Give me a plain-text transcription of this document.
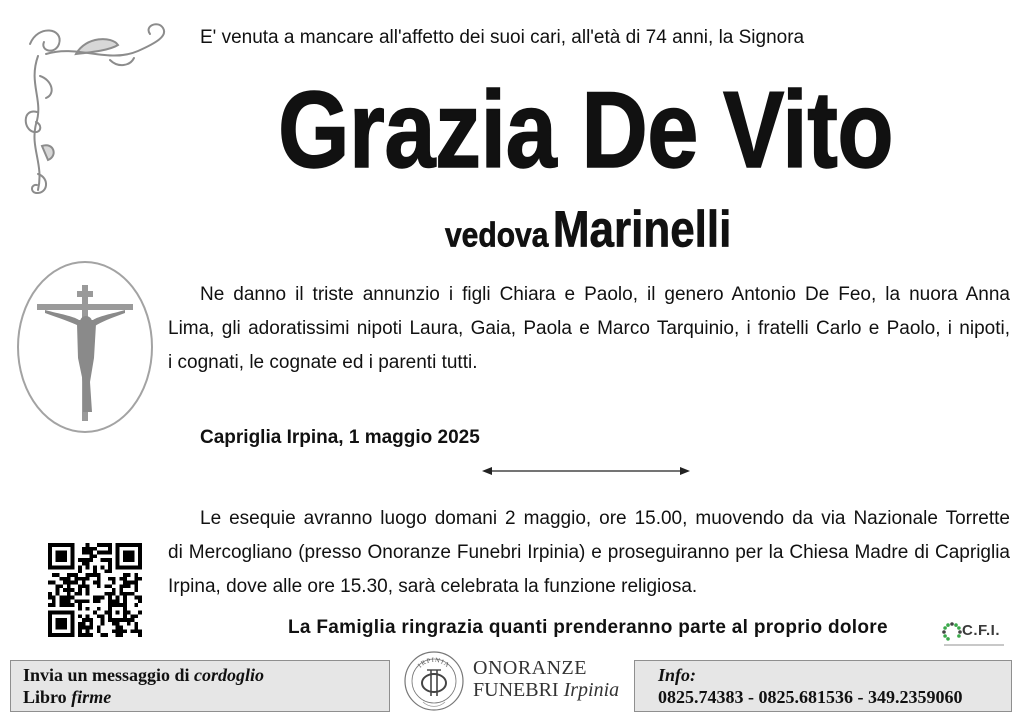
E' venuta a mancare all'affetto dei suoi cari, all'età di 74 anni, la Signora
Grazia De Vito
vedova Marinelli
Ne danno il triste annunzio i figli Chiara e Paolo, il genero Antonio De Feo, la nuora Anna
Lima, gli adoratissimi nipoti Laura, Gaia, Paola e Marco Tarquinio, i fratelli Carlo e Paolo, i nipoti,
i cognati, le cognate ed i parenti tutti.
Capriglia Irpina, 1 maggio 2025
Le esequie avranno luogo domani 2 maggio, ore 15.00, muovendo da via Nazionale Torrette
di Mercogliano (presso Onoranze Funebri Irpinia) e proseguiranno per la Chiesa Madre di Capriglia
Irpina, dove alle ore 15.30, sarà celebrata la funzione religiosa.
La Famiglia ringrazia quanti prenderanno parte al proprio dolore	C.F.I.
Invia un messaggio di cordoglio
Libro firme
IRPINIA ONORANZE
FUNEBRI Irpinia
Info:
0825.74383 - 0825.681536 - 349.2359060
